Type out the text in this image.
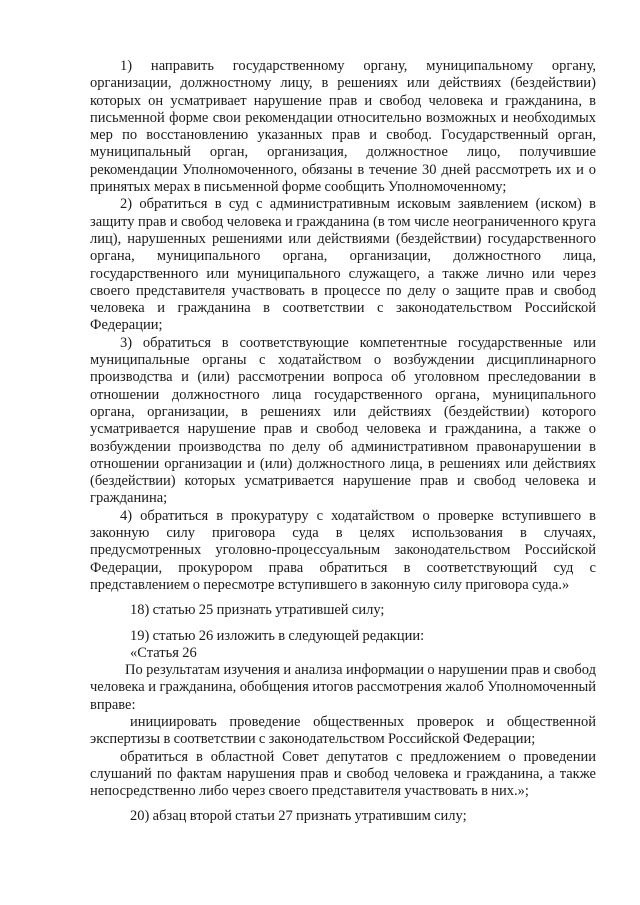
1) направить государственному органу, муниципальному органу, организации, должностному лицу, в решениях или действиях (бездействии) которых он усматривает нарушение прав и свобод человека и гражданина, в письменной форме свои рекомендации относительно возможных и необходимых мер по восстановлению указанных прав и свобод. Государственный орган, муниципальный орган, организация, должностное лицо, получившие рекомендации Уполномоченного, обязаны в течение 30 дней рассмотреть их и о принятых мерах в письменной форме сообщить Уполномоченному;

2) обратиться в суд с административным исковым заявлением (иском) в защиту прав и свобод человека и гражданина (в том числе неограниченного круга лиц), нарушенных решениями или действиями (бездействии) государственного органа, муниципального органа, организации, должностного лица, государственного или муниципального служащего, а также лично или через своего представителя участвовать в процессе по делу о защите прав и свобод человека и гражданина в соответствии с законодательством Российской Федерации;

3) обратиться в соответствующие компетентные государственные или муниципальные органы с ходатайством о возбуждении дисциплинарного производства и (или) рассмотрении вопроса об уголовном преследовании в отношении должностного лица государственного органа, муниципального органа, организации, в решениях или действиях (бездействии) которого усматривается нарушение прав и свобод человека и гражданина, а также о возбуждении производства по делу об административном правонарушении в отношении организации и (или) должностного лица, в решениях или действиях (бездействии) которых усматривается нарушение прав и свобод человека и гражданина;

4) обратиться в прокуратуру с ходатайством о проверке вступившего в законную силу приговора суда в целях использования в случаях, предусмотренных уголовно-процессуальным законодательством Российской Федерации, прокурором права обратиться в соответствующий суд с представлением о пересмотре вступившего в законную силу приговора суда.»

18) статью 25 признать утратившей силу;

19) статью 26 изложить в следующей редакции:

«Статья 26

По результатам изучения и анализа информации о нарушении прав и свобод человека и гражданина, обобщения итогов рассмотрения жалоб Уполномоченный вправе:

инициировать проведение общественных проверок и общественной экспертизы в соответствии с законодательством Российской Федерации;

обратиться в областной Совет депутатов с предложением о проведении слушаний по фактам нарушения прав и свобод человека и гражданина, а также непосредственно либо через своего представителя участвовать в них.»;

20) абзац второй статьи 27 признать утратившим силу;
